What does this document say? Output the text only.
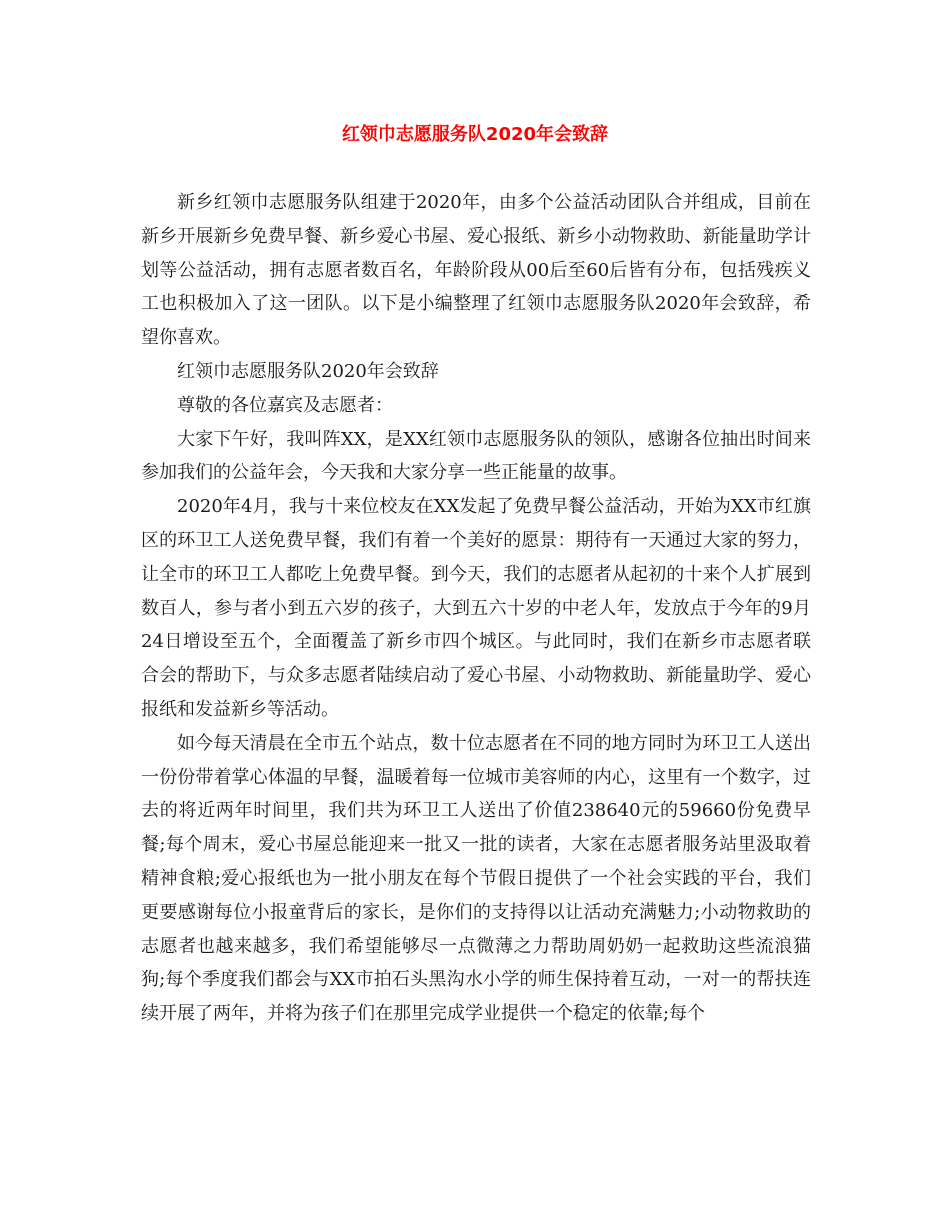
红领巾志愿服务队2020年会致辞

新乡红领巾志愿服务队组建于2020年，由多个公益活动团队合并组成，目前在新乡开展新乡免费早餐、新乡爱心书屋、爱心报纸、新乡小动物救助、新能量助学计划等公益活动，拥有志愿者数百名，年龄阶段从00后至60后皆有分布，包括残疾义工也积极加入了这一团队。以下是小编整理了红领巾志愿服务队2020年会致辞，希望你喜欢。

红领巾志愿服务队2020年会致辞

尊敬的各位嘉宾及志愿者：

大家下午好，我叫阵XX，是XX红领巾志愿服务队的领队，感谢各位抽出时间来参加我们的公益年会，今天我和大家分享一些正能量的故事。

2020年4月，我与十来位校友在XX发起了免费早餐公益活动，开始为XX市红旗区的环卫工人送免费早餐，我们有着一个美好的愿景：期待有一天通过大家的努力，让全市的环卫工人都吃上免费早餐。到今天，我们的志愿者从起初的十来个人扩展到数百人，参与者小到五六岁的孩子，大到五六十岁的中老人年，发放点于今年的9月24日增设至五个，全面覆盖了新乡市四个城区。与此同时，我们在新乡市志愿者联合会的帮助下，与众多志愿者陆续启动了爱心书屋、小动物救助、新能量助学、爱心报纸和发益新乡等活动。

如今每天清晨在全市五个站点，数十位志愿者在不同的地方同时为环卫工人送出一份份带着掌心体温的早餐，温暖着每一位城市美容师的内心，这里有一个数字，过去的将近两年时间里，我们共为环卫工人送出了价值238640元的59660份免费早餐;每个周末，爱心书屋总能迎来一批又一批的读者，大家在志愿者服务站里汲取着精神食粮;爱心报纸也为一批小朋友在每个节假日提供了一个社会实践的平台，我们更要感谢每位小报童背后的家长，是你们的支持得以让活动充满魅力;小动物救助的志愿者也越来越多，我们希望能够尽一点微薄之力帮助周奶奶一起救助这些流浪猫狗;每个季度我们都会与XX市拍石头黑沟水小学的师生保持着互动，一对一的帮扶连续开展了两年，并将为孩子们在那里完成学业提供一个稳定的依靠;每个
